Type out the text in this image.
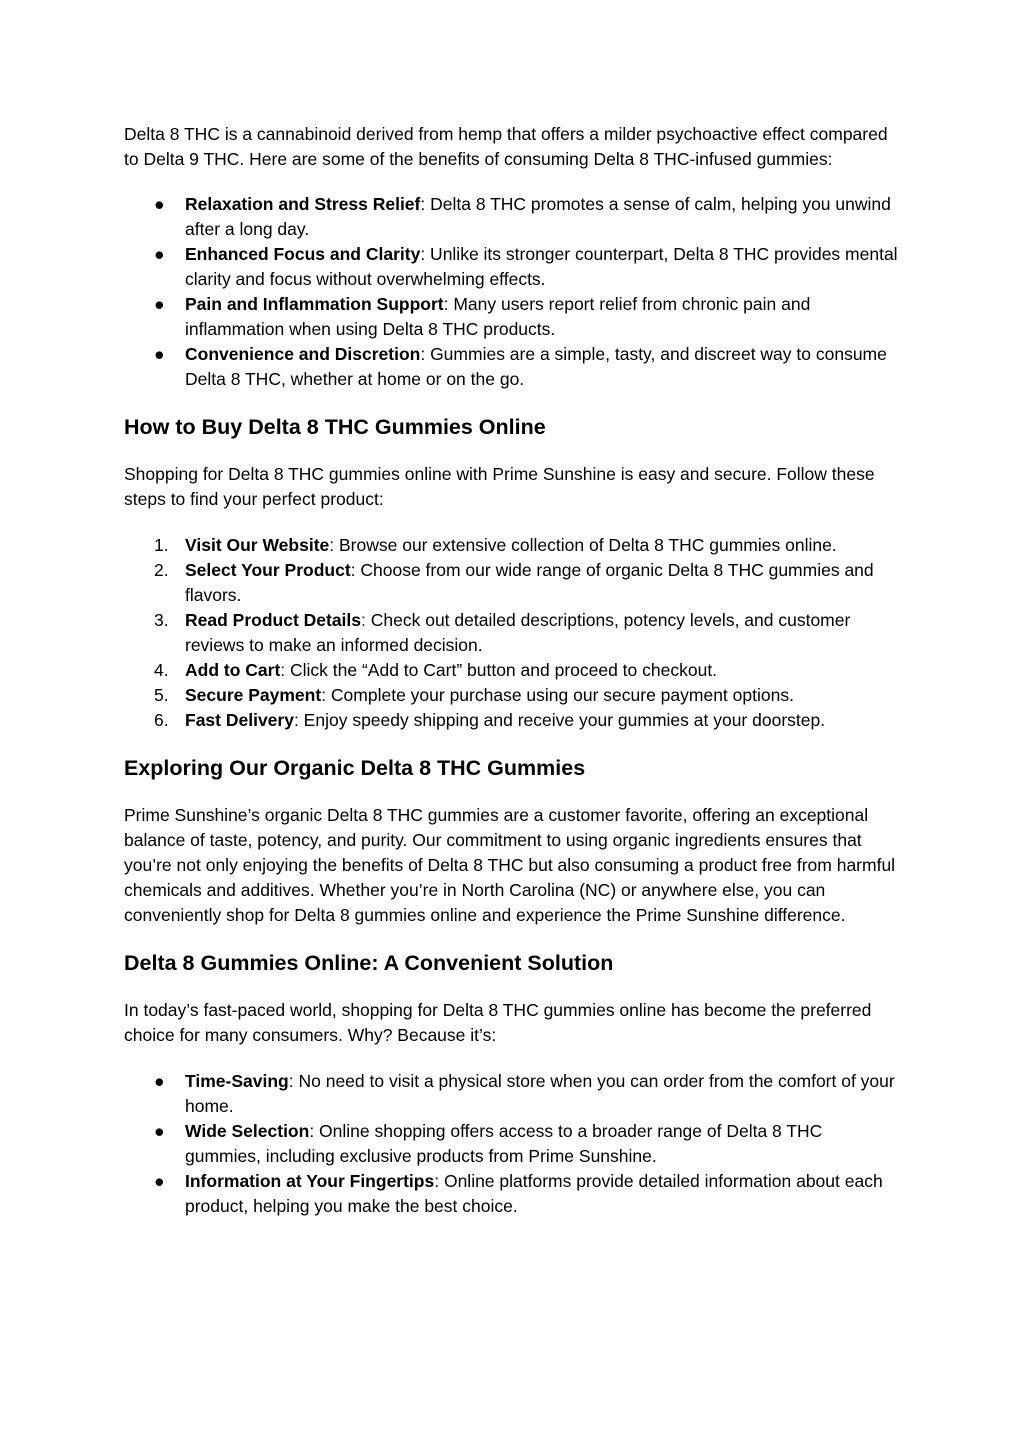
Delta 8 THC is a cannabinoid derived from hemp that offers a milder psychoactive effect compared to Delta 9 THC. Here are some of the benefits of consuming Delta 8 THC-infused gummies:

● Relaxation and Stress Relief: Delta 8 THC promotes a sense of calm, helping you unwind after a long day.
● Enhanced Focus and Clarity: Unlike its stronger counterpart, Delta 8 THC provides mental clarity and focus without overwhelming effects.
● Pain and Inflammation Support: Many users report relief from chronic pain and inflammation when using Delta 8 THC products.
● Convenience and Discretion: Gummies are a simple, tasty, and discreet way to consume Delta 8 THC, whether at home or on the go.
How to Buy Delta 8 THC Gummies Online

Shopping for Delta 8 THC gummies online with Prime Sunshine is easy and secure. Follow these steps to find your perfect product:

1. Visit Our Website: Browse our extensive collection of Delta 8 THC gummies online.
2. Select Your Product: Choose from our wide range of organic Delta 8 THC gummies and flavors.
3. Read Product Details: Check out detailed descriptions, potency levels, and customer reviews to make an informed decision.
4. Add to Cart: Click the “Add to Cart” button and proceed to checkout.
5. Secure Payment: Complete your purchase using our secure payment options.
6. Fast Delivery: Enjoy speedy shipping and receive your gummies at your doorstep.
Exploring Our Organic Delta 8 THC Gummies

Prime Sunshine’s organic Delta 8 THC gummies are a customer favorite, offering an exceptional balance of taste, potency, and purity. Our commitment to using organic ingredients ensures that you’re not only enjoying the benefits of Delta 8 THC but also consuming a product free from harmful chemicals and additives. Whether you’re in North Carolina (NC) or anywhere else, you can conveniently shop for Delta 8 gummies online and experience the Prime Sunshine difference.

Delta 8 Gummies Online: A Convenient Solution

In today’s fast-paced world, shopping for Delta 8 THC gummies online has become the preferred choice for many consumers. Why? Because it’s:

● Time-Saving: No need to visit a physical store when you can order from the comfort of your home.
● Wide Selection: Online shopping offers access to a broader range of Delta 8 THC gummies, including exclusive products from Prime Sunshine.
● Information at Your Fingertips: Online platforms provide detailed information about each product, helping you make the best choice.
